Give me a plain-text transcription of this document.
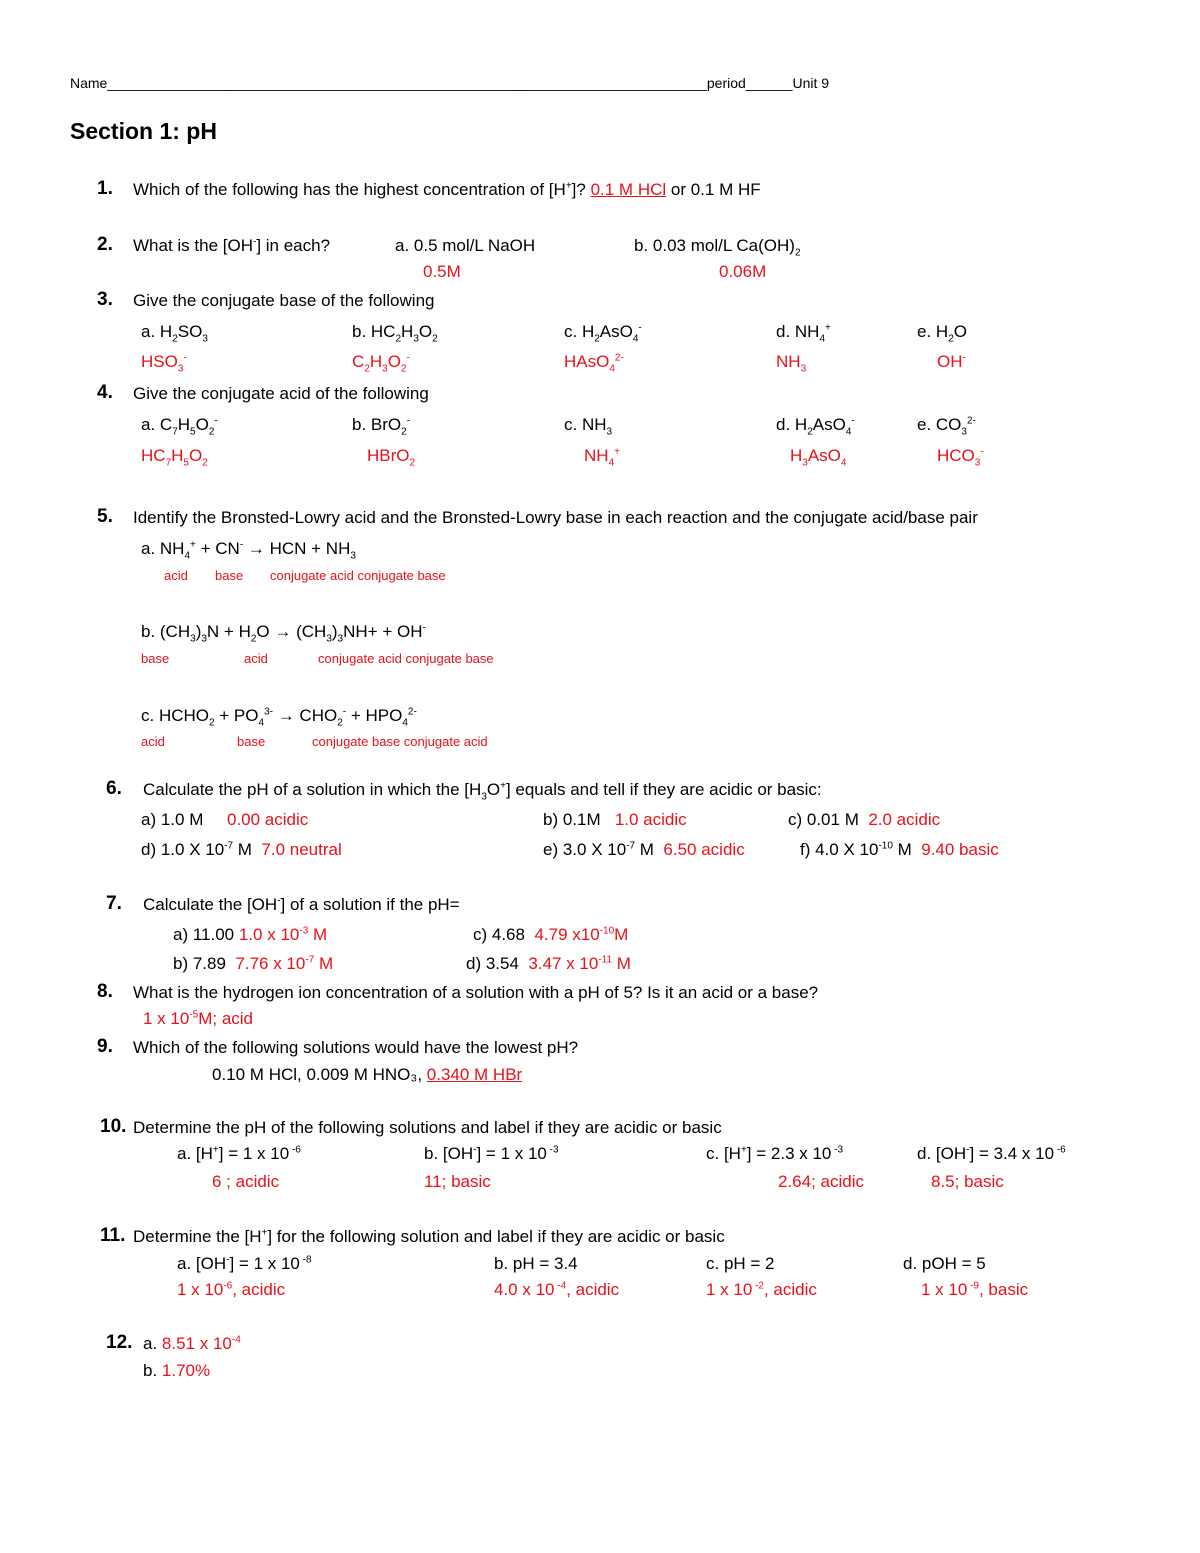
Name_____________________________________________________________________________period______Unit 9
Section 1: pH
1. Which of the following has the highest concentration of [H+]? 0.1 M HCl or 0.1 M HF
2. What is the [OH-] in each?	a. 0.5 mol/L NaOH	b. 0.03 mol/L $Ca(OH)_2$
0.5M	0.06M
3. Give the conjugate base of the following
a. $H_2SO_3$	b. $HC_2H_3O_2$	c. $H_2AsO_4^-$	d. $NH_4^+$	e. $H_2O$
$HSO_3^-$	$C_2H_3O_2^-$	HAsO$_4^{2-}$	$NH_3$	OH-
4. Give the conjugate acid of the following
a. $C_7H_5O_2^-$	b. BrO$_2$-	c. $NH_3$	d. $H_2AsO_4^-$	e. $CO_3^{2-}$
$HC_7H_5O_2$	HBrO$_2$	$NH_4^+$	$H_3AsO_4$	$HCO_3^-$
5. Identify the Bronsted-Lowry acid and the Bronsted-Lowry base in each reaction and the conjugate acid/base pair
a. $NH_4^+ + CN^-$ → HCN + $NH_3$
acid base conjugate acid conjugate base
b. $(CH_3)_3N + H_2O \to (CH_3)_3NH+ + OH^-$
base	acid	conjugate acid conjugate base
c. $HCHO_2 + PO_4^{3-} \to CHO_2^- + HPO_4^{2-}$
acid	base	conjugate base conjugate acid
6. Calculate the pH of a solution in which the $[H_3O^+]$ equals and tell if they are acidic or basic:
a) 1.0 M 0.00 acidic	b) 0.1M 1.0 acidic	c) 0.01 M 2.0 acidic
d) 1.0 X $10^{-7}$ M 7.0 neutral	e) 3.0 X $10^{-7}$ M 6.50 acidic	f) 4.0 X $10^{-10}$ M 9.40 basic
7. Calculate the [OH-] of a solution if the pH=
a) 11.00 1.0 x $10^{-3}$ M	c) 4.68 4.79 $x10^{-10}M$
b) 7.89 7.76 x $10^{-7}$ M	d) 3.54 3.47 x $10^{-11}$ M
8. What is the hydrogen ion concentration of a solution with a pH of 5? Is it an acid or a base?
1 x $10^{-5}M$; acid
9. Which of the following solutions would have the lowest pH?
0.10 M HCl, 0.009 M HNO₃, 0.340 M HBr
10. Determine the pH of the following solutions and label if they are acidic or basic
a. [H+] = 1 x 10 $^{-6}$	b. [OH-] = 1 x 10 $^{-3}$	c. [H+] = 2.3 x 10 $^{-3}$	d. [OH-] = 3.4 x 10 $^{-6}$
6 ; acidic	11; basic	2.64; acidic	8.5; basic
11. Determine the [H+] for the following solution and label if they are acidic or basic
a. [OH-] = 1 x 10 $^{-8}$	b. pH = 3.4	c. pH = 2	d. pOH = 5
1 x $10^{-6}$, acidic	4.0 x 10 $^{-4}$, acidic	1 x 10 $^{-2}$, acidic	1 x 10 $^{-9}$, basic
12. a. 8.51 x $10^{-4}$
b. 1.70%
